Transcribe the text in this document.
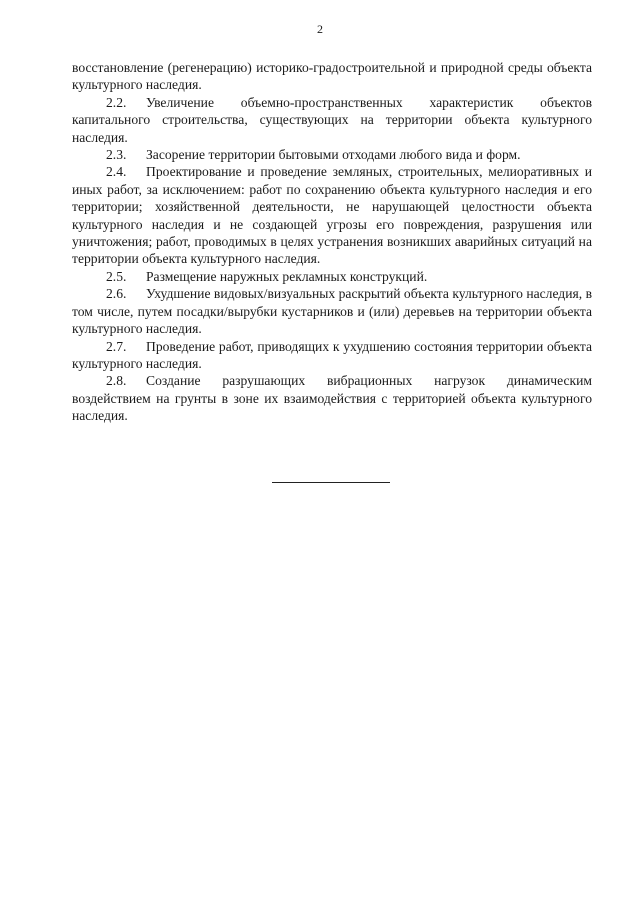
2

восстановление (регенерацию) историко-градостроительной и природной среды объекта культурного наследия.

2.2. Увеличение объемно-пространственных характеристик объектов капитального строительства, существующих на территории объекта культурного наследия.

2.3. Засорение территории бытовыми отходами любого вида и форм.

2.4. Проектирование и проведение земляных, строительных, мелиоративных и иных работ, за исключением: работ по сохранению объекта культурного наследия и его территории; хозяйственной деятельности, не нарушающей целостности объекта культурного наследия и не создающей угрозы его повреждения, разрушения или уничтожения; работ, проводимых в целях устранения возникших аварийных ситуаций на территории объекта культурного наследия.

2.5. Размещение наружных рекламных конструкций.

2.6. Ухудшение видовых/визуальных раскрытий объекта культурного наследия, в том числе, путем посадки/вырубки кустарников и (или) деревьев на территории объекта культурного наследия.

2.7. Проведение работ, приводящих к ухудшению состояния территории объекта культурного наследия.

2.8. Создание разрушающих вибрационных нагрузок динамическим воздействием на грунты в зоне их взаимодействия с территорией объекта культурного наследия.
